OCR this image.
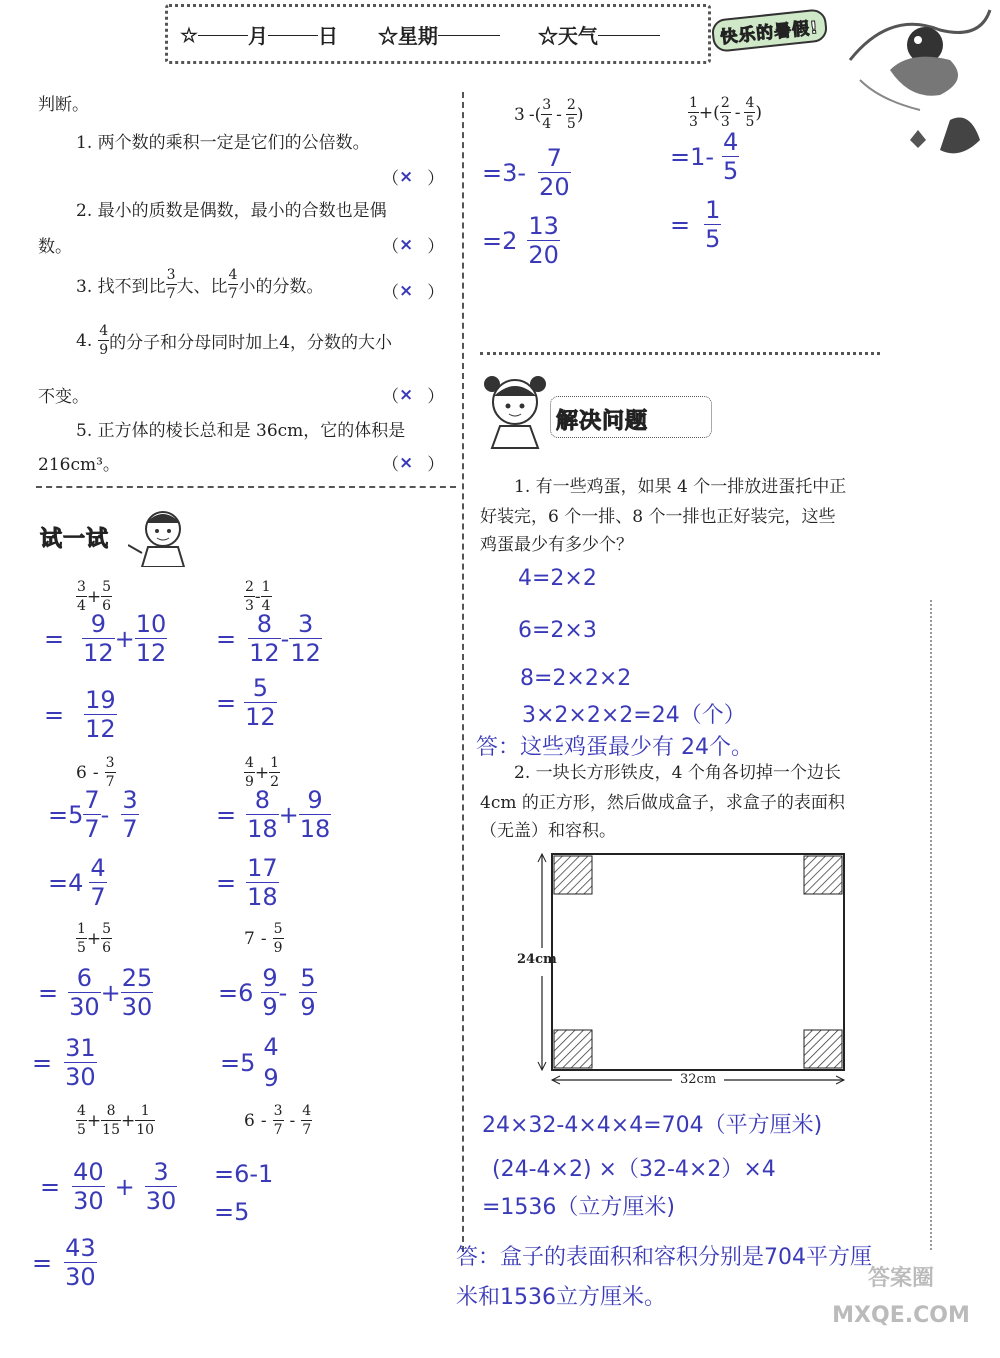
☆	月	日 ☆星期	☆天气	快乐的暑假!
判断。
1. 两个数的乘积一定是它们的公倍数。
（ × ）
2. 最小的质数是偶数，最小的合数也是偶
数。	（ × ）
3. 找不到比 $\frac{3}{7}$ 大、比 $\frac{4}{7}$ 小的分数。	（ × ）
4. $\frac{4}{9}$ 的分子和分母同时加上4，分数的大小
不变。	（ × ）
5. 正方体的棱长总和是 36cm，它的体积是
216cm³。	（ × ）
试一试
$\frac{3}{4} + \frac{5}{6}$
= $\frac{9}{12} + \frac{10}{12}$
= $\frac{19}{12}$
$\frac{2}{3} - \frac{1}{4}$
= $\frac{8}{12} - \frac{3}{12}$
= $\frac{5}{12}$
$6 - \frac{3}{7}$
$=5 \frac{7}{7} - \frac{3}{7}$
$=4 \frac{4}{7}$
$\frac{4}{9} + \frac{1}{2}$
= $\frac{8}{18} + \frac{9}{18}$
= $\frac{17}{18}$
$\frac{1}{5} + \frac{5}{6}$
= $\frac{6}{30} + \frac{25}{30}$
= $\frac{31}{30}$
$7 - \frac{5}{9}$
$=6 \frac{9}{9} - \frac{5}{9}$
=5
4
9
$\frac{4}{5} + \frac{8}{15} + \frac{1}{10}$
= $\frac{40}{30} + \frac{3}{30}$
= $\frac{43}{30}$
$6 - \frac{3}{7} - \frac{4}{7}$
=6-1
=5
3 - ( $\frac{3}{4} - \frac{2}{5}$ )
$=3- \frac{7}{20}$
$=2 \frac{13}{20}$
$\frac{1}{3}$ + ( $\frac{2}{3} - \frac{4}{5}$ )
$=1- \frac{4}{5}$
= $\frac{1}{5}$
解决问题
1. 有一些鸡蛋，如果 4 个一排放进蛋托中正
好装完，6 个一排、8 个一排也正好装完，这些
鸡蛋最少有多少个？
4=2×2
6=2×3
8=2×2×2
3×2×2×2=24（个）
答：这些鸡蛋最少有 24个。
2. 一块长方形铁皮，4 个角各切掉一个边长
4cm 的正方形，然后做成盒子，求盒子的表面积
（无盖）和容积。
24cm
32cm
24×32-4×4×4=704（平方厘米)
(24-4×2) ×（32-4×2）×4
=1536（立方厘米)
答：盒子的表面积和容积分别是704平方厘
米和1536立方厘米。
答案圈 MXQE.COM
